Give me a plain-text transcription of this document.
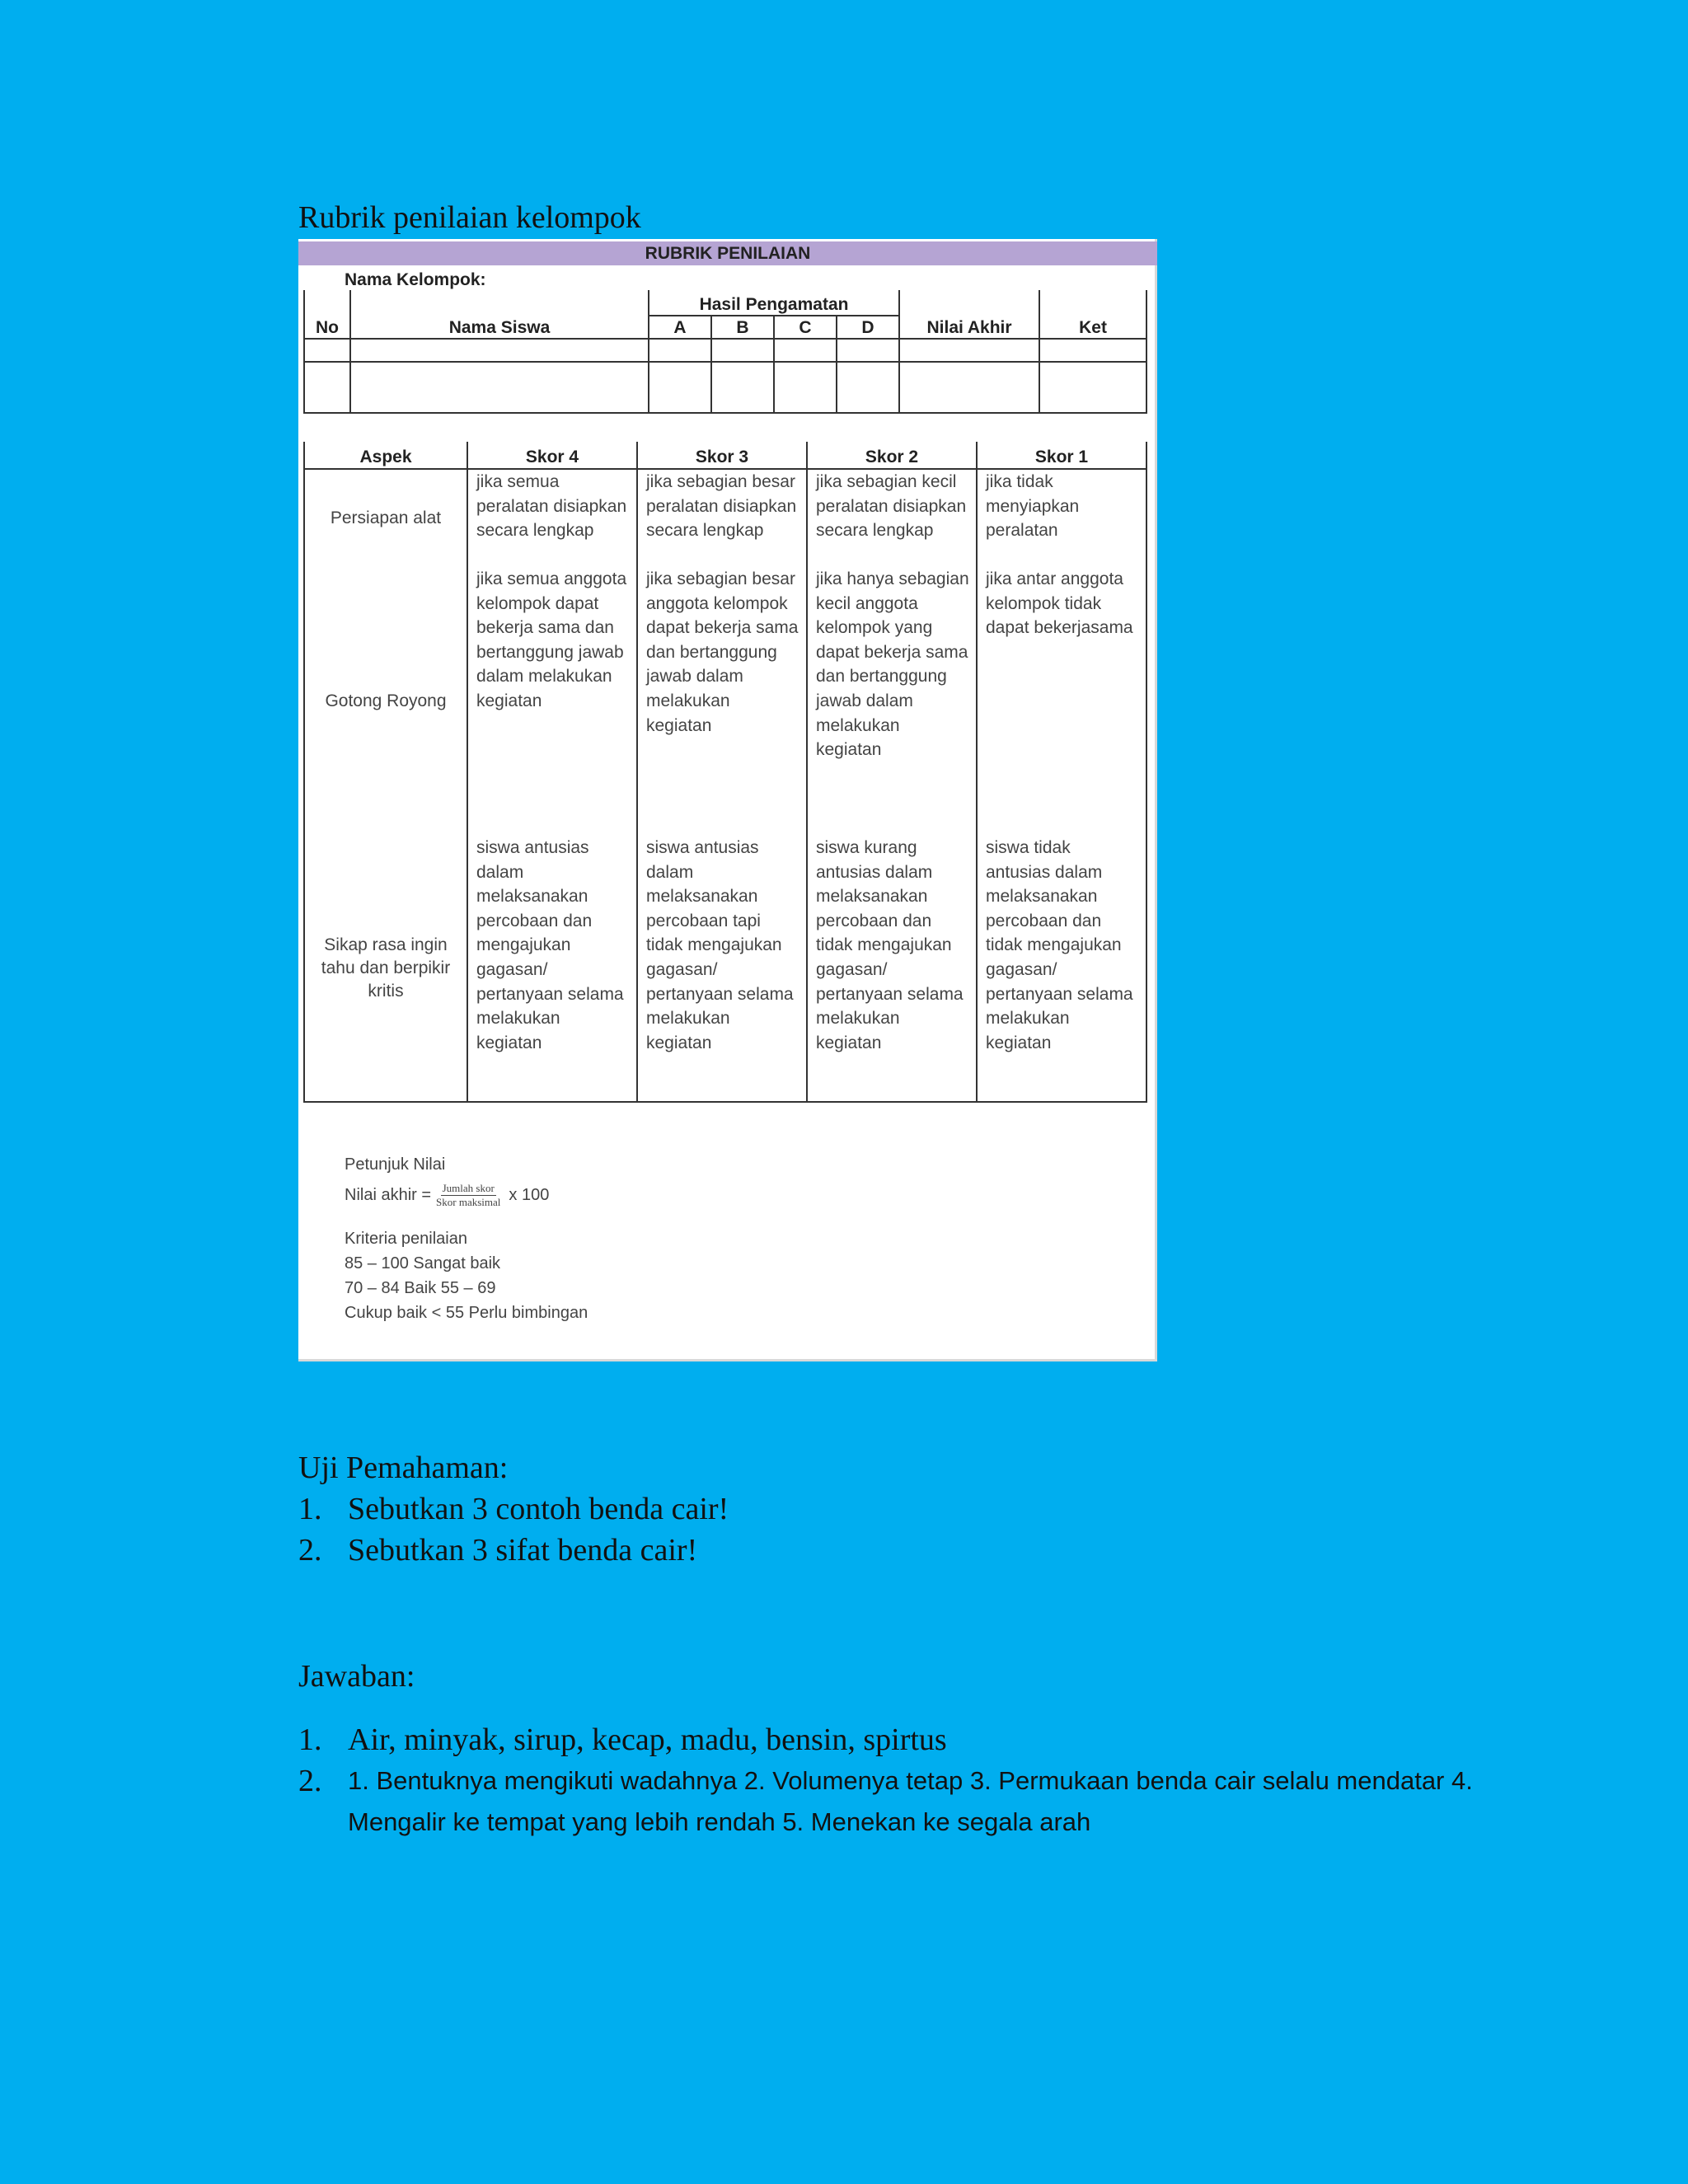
Rubrik penilaian kelompok
RUBRIK PENILAIAN
Nama Kelompok:
No	Nama Siswa	Hasil Pengamatan				Nilai Akhir	Ket
		A	B	C	D		

Aspek	Skor 4	Skor 3	Skor 2	Skor 1
Persiapan alat	jika semua peralatan disiapkan secara lengkap	jika sebagian besar peralatan disiapkan secara lengkap	jika sebagian kecil peralatan disiapkan secara lengkap	jika tidak menyiapkan peralatan
Gotong Royong	jika semua anggota kelompok dapat bekerja sama dan bertanggung jawab dalam melakukan kegiatan	jika sebagian besar anggota kelompok dapat bekerja sama dan bertanggung jawab dalam melakukan kegiatan	jika hanya sebagian kecil anggota kelompok yang dapat bekerja sama dan bertanggung jawab dalam melakukan kegiatan	jika antar anggota kelompok tidak dapat bekerjasama
Sikap rasa ingin tahu dan berpikir kritis	siswa antusias dalam melaksanakan percobaan dan mengajukan gagasan/ pertanyaan selama melakukan kegiatan	siswa antusias dalam melaksanakan percobaan tapi tidak mengajukan gagasan/ pertanyaan selama melakukan kegiatan	siswa kurang antusias dalam melaksanakan percobaan dan tidak mengajukan gagasan/ pertanyaan selama melakukan kegiatan	siswa tidak antusias dalam melaksanakan percobaan dan tidak mengajukan gagasan/ pertanyaan selama melakukan kegiatan
Petunjuk Nilai
Nilai akhir = $\frac{\text{Jumlah skor}}{\text{Skor maksimal}}$ x 100
Kriteria penilaian
85 – 100 Sangat baik
70 – 84 Baik 55 – 69
Cukup baik < 55 Perlu bimbingan
Uji Pemahaman:
1. Sebutkan 3 contoh benda cair!
2. Sebutkan 3 sifat benda cair!
Jawaban:
1. Air, minyak, sirup, kecap, madu, bensin, spirtus
2.	1. Bentuknya mengikuti wadahnya 2. Volumenya tetap 3. Permukaan benda cair selalu mendatar 4. Mengalir ke tempat yang lebih rendah 5. Menekan ke segala arah
